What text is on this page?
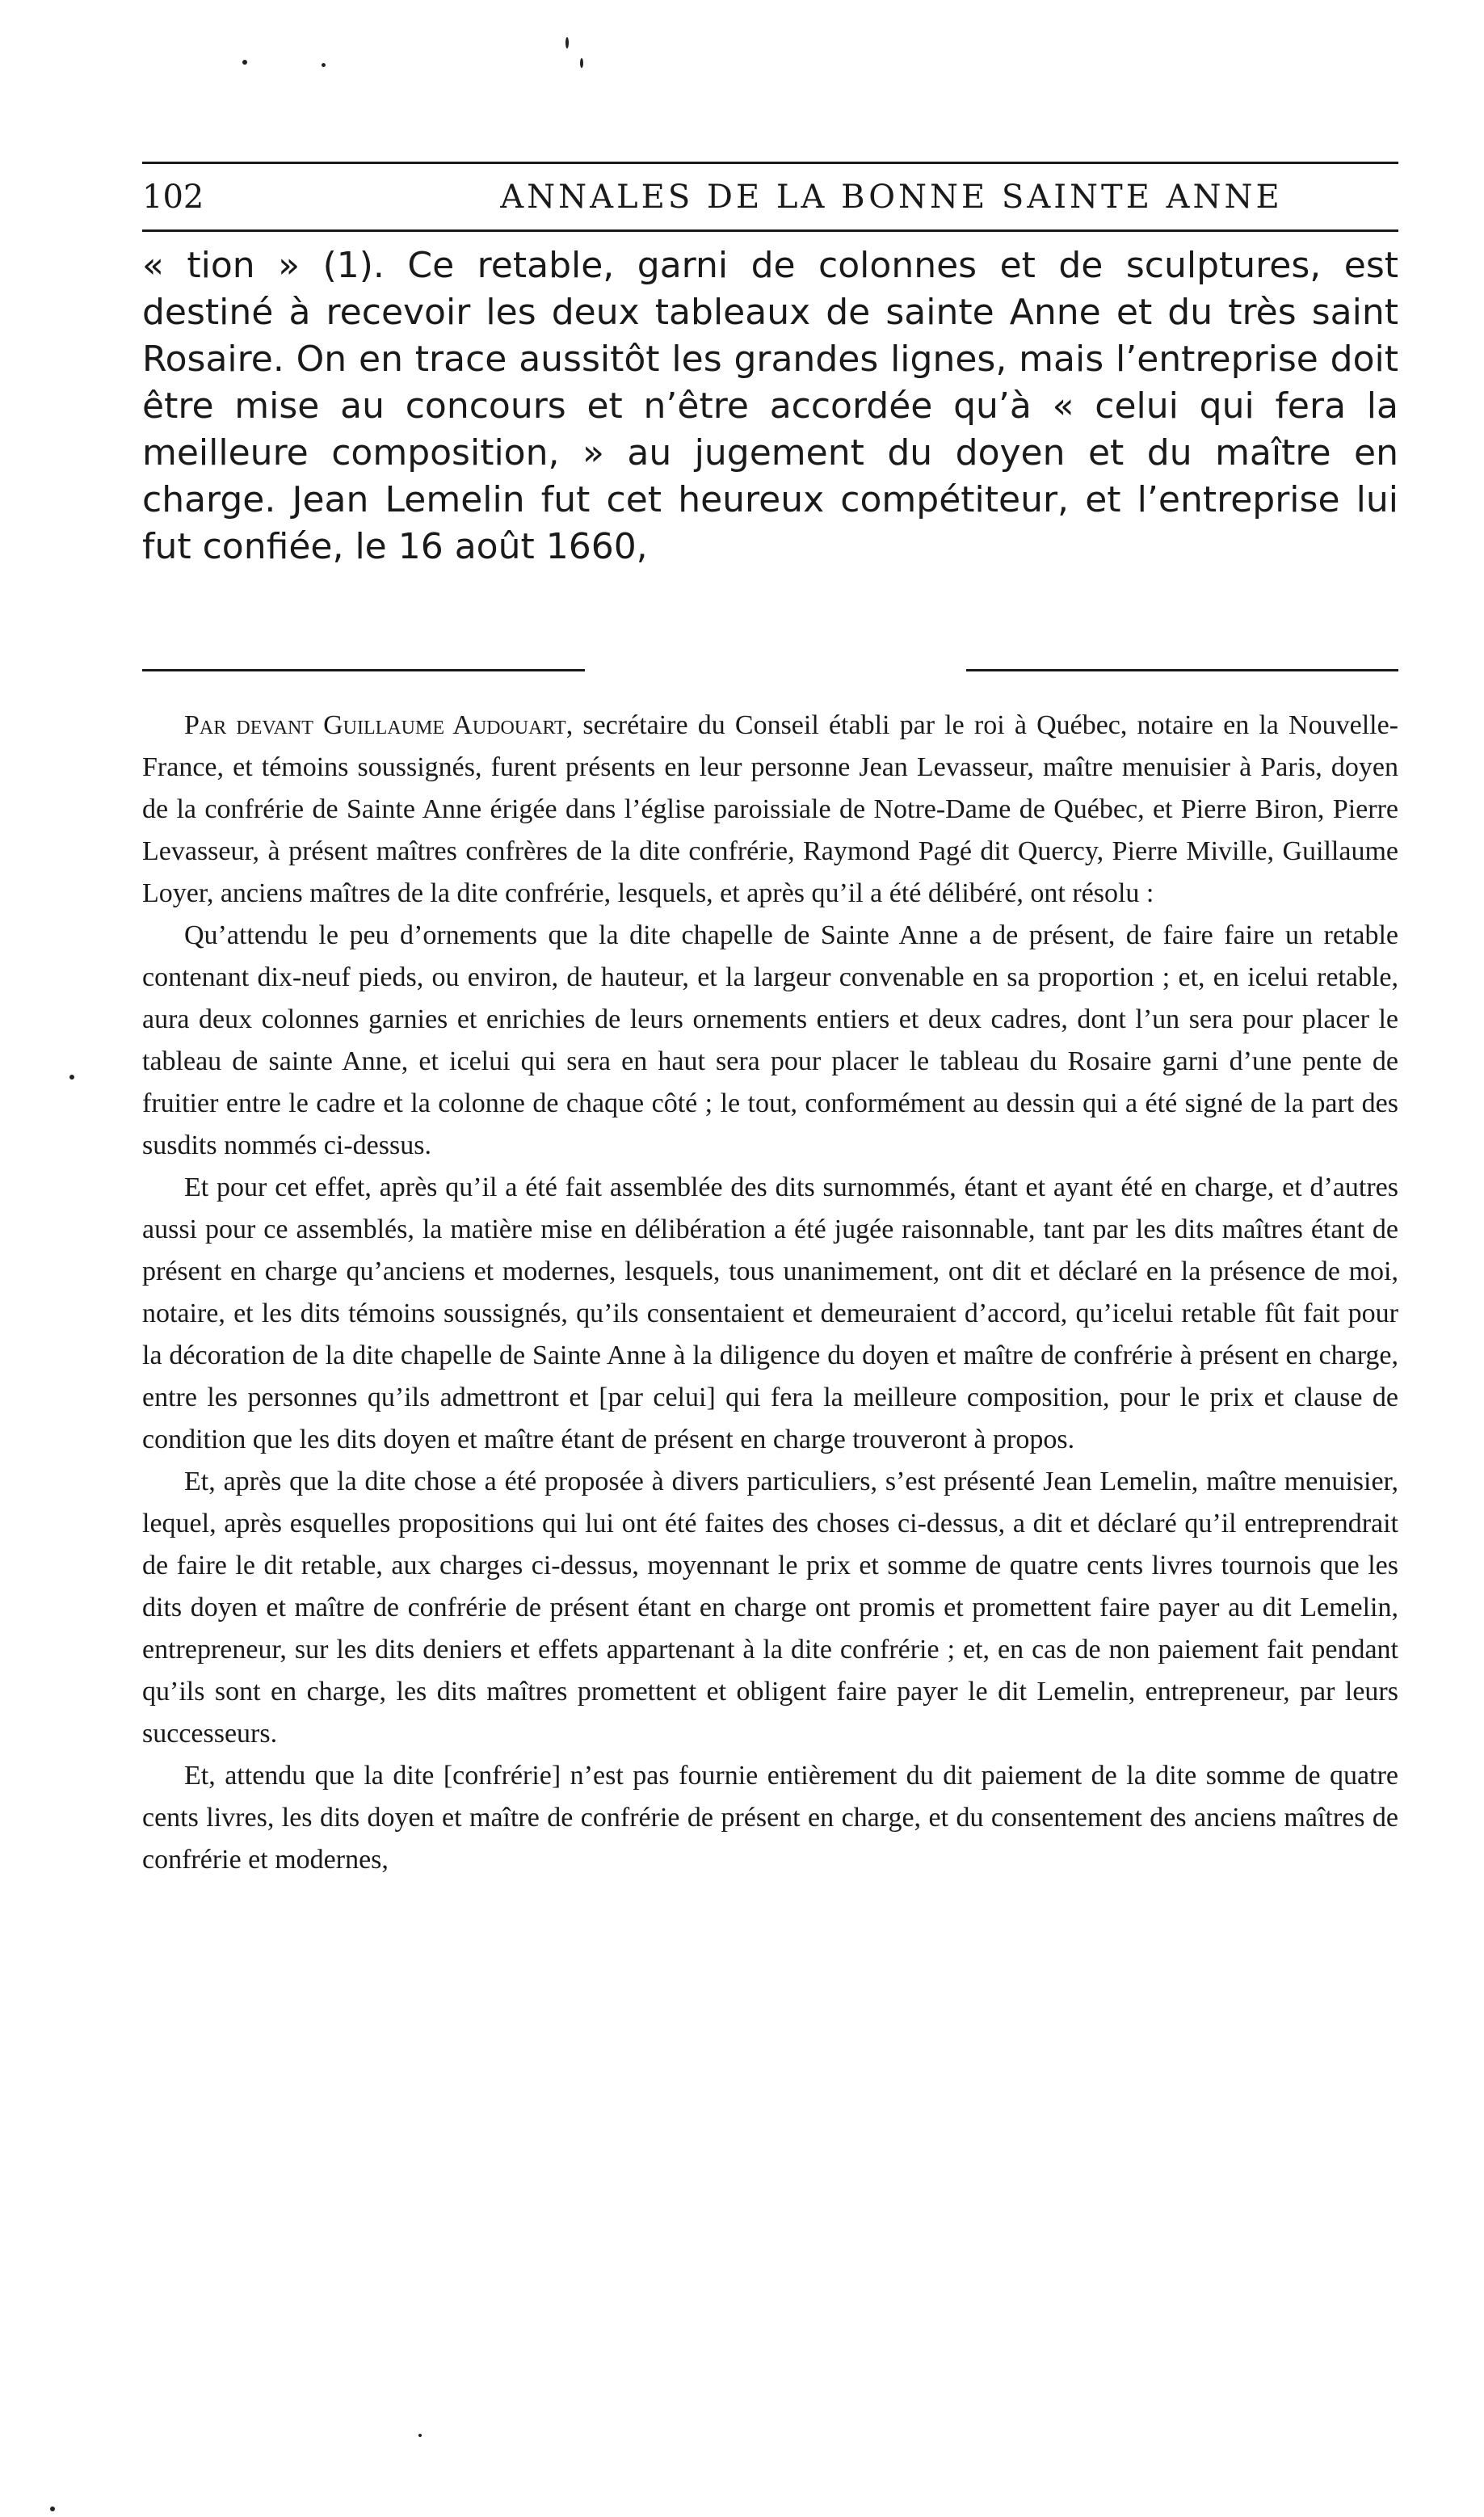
102	ANNALES DE LA BONNE SAINTE ANNE

« tion » (1). Ce retable, garni de colonnes et de sculptures, est destiné à recevoir les deux tableaux de sainte Anne et du très saint Rosaire. On en trace aussitôt les grandes lignes, mais l’entreprise doit être mise au concours et n’être accordée qu’à « celui qui fera la meilleure composition, » au jugement du doyen et du maître en charge. Jean Lemelin fut cet heureux compétiteur, et l’entreprise lui fut confiée, le 16 août 1660,

Par devant Guillaume Audouart, secrétaire du Conseil établi par le roi à Québec, notaire en la Nouvelle-France, et témoins soussignés, furent présents en leur personne Jean Levasseur, maître menuisier à Paris, doyen de la confrérie de Sainte Anne érigée dans l’église paroissiale de Notre-Dame de Québec, et Pierre Biron, Pierre Levasseur, à présent maîtres confrères de la dite confrérie, Raymond Pagé dit Quercy, Pierre Miville, Guillaume Loyer, anciens maîtres de la dite confrérie, lesquels, et après qu’il a été délibéré, ont résolu :

Qu’attendu le peu d’ornements que la dite chapelle de Sainte Anne a de présent, de faire faire un retable contenant dix-neuf pieds, ou environ, de hauteur, et la largeur convenable en sa proportion ; et, en icelui retable, aura deux colonnes garnies et enrichies de leurs ornements entiers et deux cadres, dont l’un sera pour placer le tableau de sainte Anne, et icelui qui sera en haut sera pour placer le tableau du Rosaire garni d’une pente de fruitier entre le cadre et la colonne de chaque côté ; le tout, conformément au dessin qui a été signé de la part des susdits nommés ci-dessus.

Et pour cet effet, après qu’il a été fait assemblée des dits surnommés, étant et ayant été en charge, et d’autres aussi pour ce assemblés, la matière mise en délibération a été jugée raisonnable, tant par les dits maîtres étant de présent en charge qu’anciens et modernes, lesquels, tous unanimement, ont dit et déclaré en la présence de moi, notaire, et les dits témoins soussignés, qu’ils consentaient et demeuraient d’accord, qu’icelui retable fût fait pour la décoration de la dite chapelle de Sainte Anne à la diligence du doyen et maître de confrérie à présent en charge, entre les personnes qu’ils admettront et [par celui] qui fera la meilleure composition, pour le prix et clause de condition que les dits doyen et maître étant de présent en charge trouveront à propos.

Et, après que la dite chose a été proposée à divers particuliers, s’est présenté Jean Lemelin, maître menuisier, lequel, après esquelles propositions qui lui ont été faites des choses ci-dessus, a dit et déclaré qu’il entreprendrait de faire le dit retable, aux charges ci-dessus, moyennant le prix et somme de quatre cents livres tournois que les dits doyen et maître de confrérie de présent étant en charge ont promis et promettent faire payer au dit Lemelin, entrepreneur, sur les dits deniers et effets appartenant à la dite confrérie ; et, en cas de non paiement fait pendant qu’ils sont en charge, les dits maîtres promettent et obligent faire payer le dit Lemelin, entrepreneur, par leurs successeurs.

Et, attendu que la dite [confrérie] n’est pas fournie entièrement du dit paiement de la dite somme de quatre cents livres, les dits doyen et maître de confrérie de présent en charge, et du consentement des anciens maîtres de confrérie et modernes,
